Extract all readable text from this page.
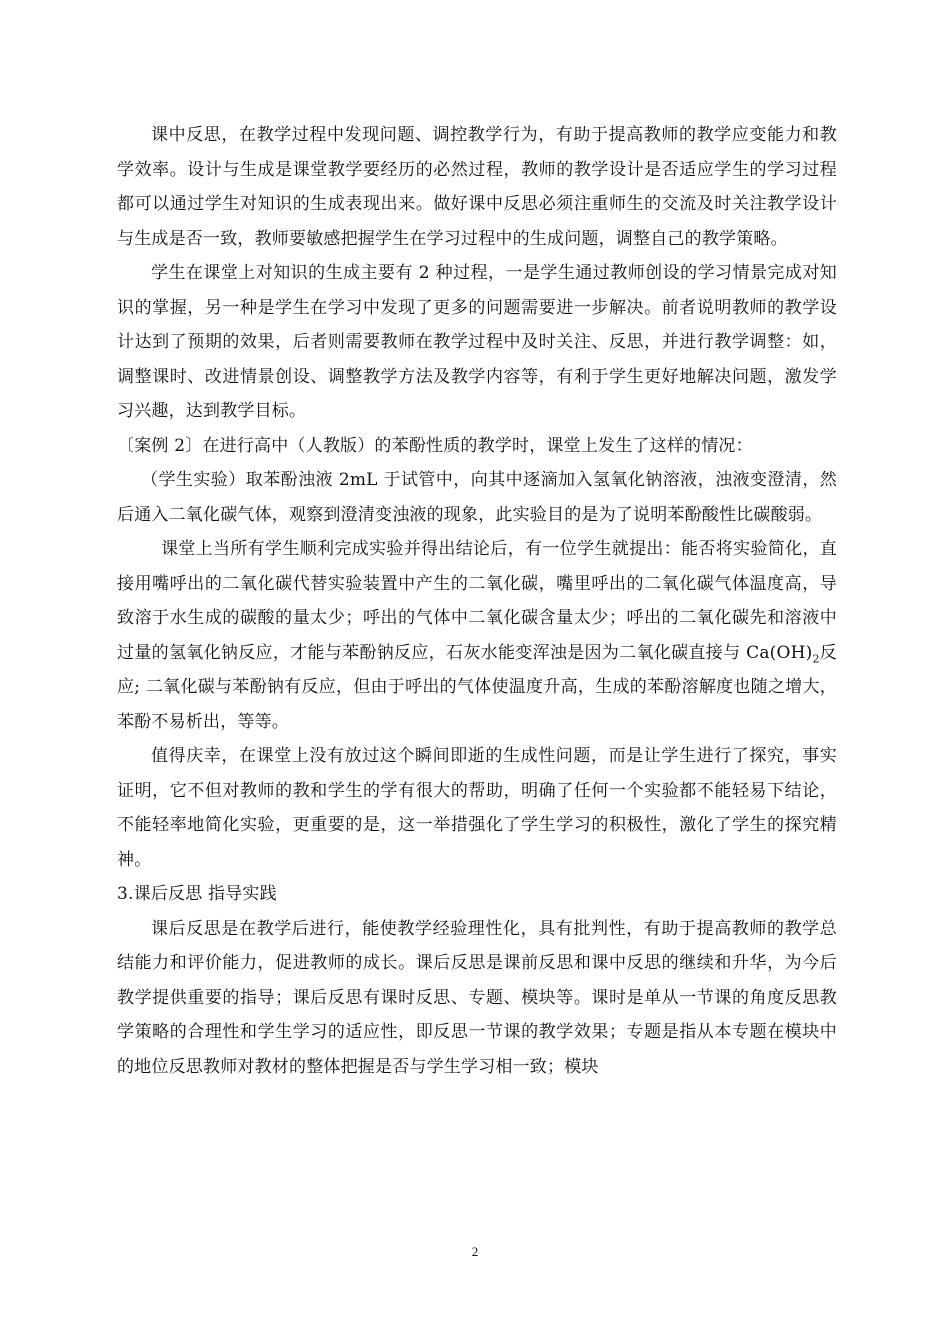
课中反思，在教学过程中发现问题、调控教学行为，有助于提高教师的教学应变能力和教学效率。设计与生成是课堂教学要经历的必然过程，教师的教学设计是否适应学生的学习过程都可以通过学生对知识的生成表现出来。做好课中反思必须注重师生的交流及时关注教学设计与生成是否一致，教师要敏感把握学生在学习过程中的生成问题，调整自己的教学策略。

学生在课堂上对知识的生成主要有 2 种过程，一是学生通过教师创设的学习情景完成对知识的掌握，另一种是学生在学习中发现了更多的问题需要进一步解决。前者说明教师的教学设计达到了预期的效果，后者则需要教师在教学过程中及时关注、反思，并进行教学调整：如，调整课时、改进情景创设、调整教学方法及教学内容等，有利于学生更好地解决问题，激发学习兴趣，达到教学目标。

〔案例 2〕在进行高中（人教版）的苯酚性质的教学时，课堂上发生了这样的情况：

（学生实验）取苯酚浊液 2mL 于试管中，向其中逐滴加入氢氧化钠溶液，浊液变澄清，然后通入二氧化碳气体，观察到澄清变浊液的现象，此实验目的是为了说明苯酚酸性比碳酸弱。

课堂上当所有学生顺利完成实验并得出结论后，有一位学生就提出：能否将实验简化，直接用嘴呼出的二氧化碳代替实验装置中产生的二氧化碳，嘴里呼出的二氧化碳气体温度高，导致溶于水生成的碳酸的量太少；呼出的气体中二氧化碳含量太少；呼出的二氧化碳先和溶液中过量的氢氧化钠反应，才能与苯酚钠反应，石灰水能变浑浊是因为二氧化碳直接与 $Ca(OH)_2$反应; 二氧化碳与苯酚钠有反应，但由于呼出的气体使温度升高，生成的苯酚溶解度也随之增大，苯酚不易析出，等等。

值得庆幸，在课堂上没有放过这个瞬间即逝的生成性问题，而是让学生进行了探究，事实证明，它不但对教师的教和学生的学有很大的帮助，明确了任何一个实验都不能轻易下结论，不能轻率地简化实验，更重要的是，这一举措强化了学生学习的积极性，激化了学生的探究精神。

3.课后反思 指导实践

课后反思是在教学后进行，能使教学经验理性化，具有批判性，有助于提高教师的教学总结能力和评价能力，促进教师的成长。课后反思是课前反思和课中反思的继续和升华，为今后教学提供重要的指导；课后反思有课时反思、专题、模块等。课时是单从一节课的角度反思教学策略的合理性和学生学习的适应性，即反思一节课的教学效果；专题是指从本专题在模块中的地位反思教师对教材的整体把握是否与学生学习相一致；模块

2
